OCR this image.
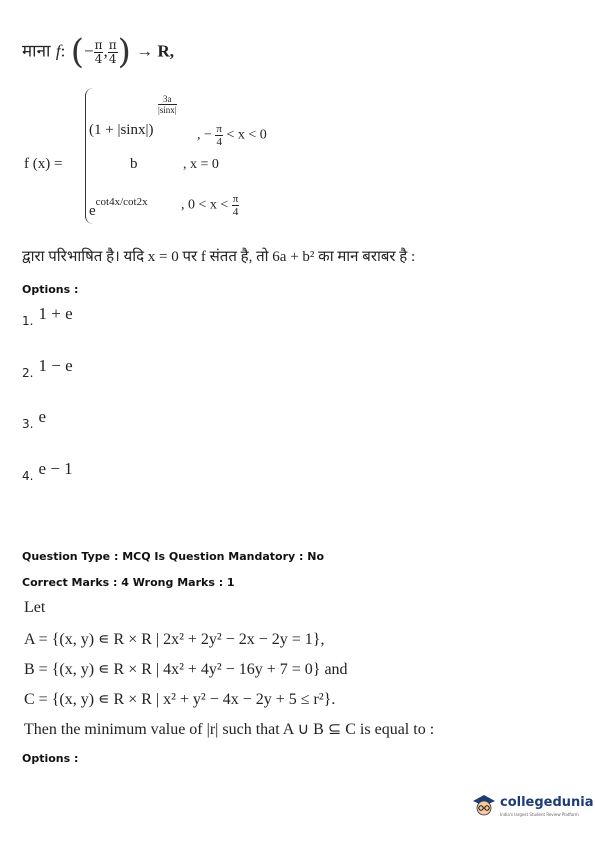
माना f: (− $\frac{\pi}{4}$ , $\frac{\pi}{4}$ ) → R,
f (x) =
$\frac{3a}{|\sin x|}$
(1 + |sinx|)	, − $\frac{\pi}{4} < x < 0$
b	, x = 0
$e^{cot4x/cot2x}$ , $0 < x < \frac{\pi}{4}$
द्वारा परिभाषित है। यदि x = 0 पर f संतत है, तो 6a + b² का मान बराबर है :
Options :
$_{1.}$ 1 + e
$_{2.}$ 1 − e
$_{3.}$ e
$_{4.}$ e − 1
Question Type : MCQ Is Question Mandatory : No
Correct Marks : 4 Wrong Marks : 1
Let
A = {(x, y) ∊ R × R | 2x² + 2y² − 2x − 2y = 1},
B = {(x, y) ∊ R × R | 4x² + 4y² − 16y + 7 = 0} and
C = {(x, y) ∊ R × R | x² + y² − 4x − 2y + 5 ≤ r²}.
Then the minimum value of |r| such that A ∪ B ⊆ C is equal to :
Options :
collegedunia
India's largest Student Review Platform
